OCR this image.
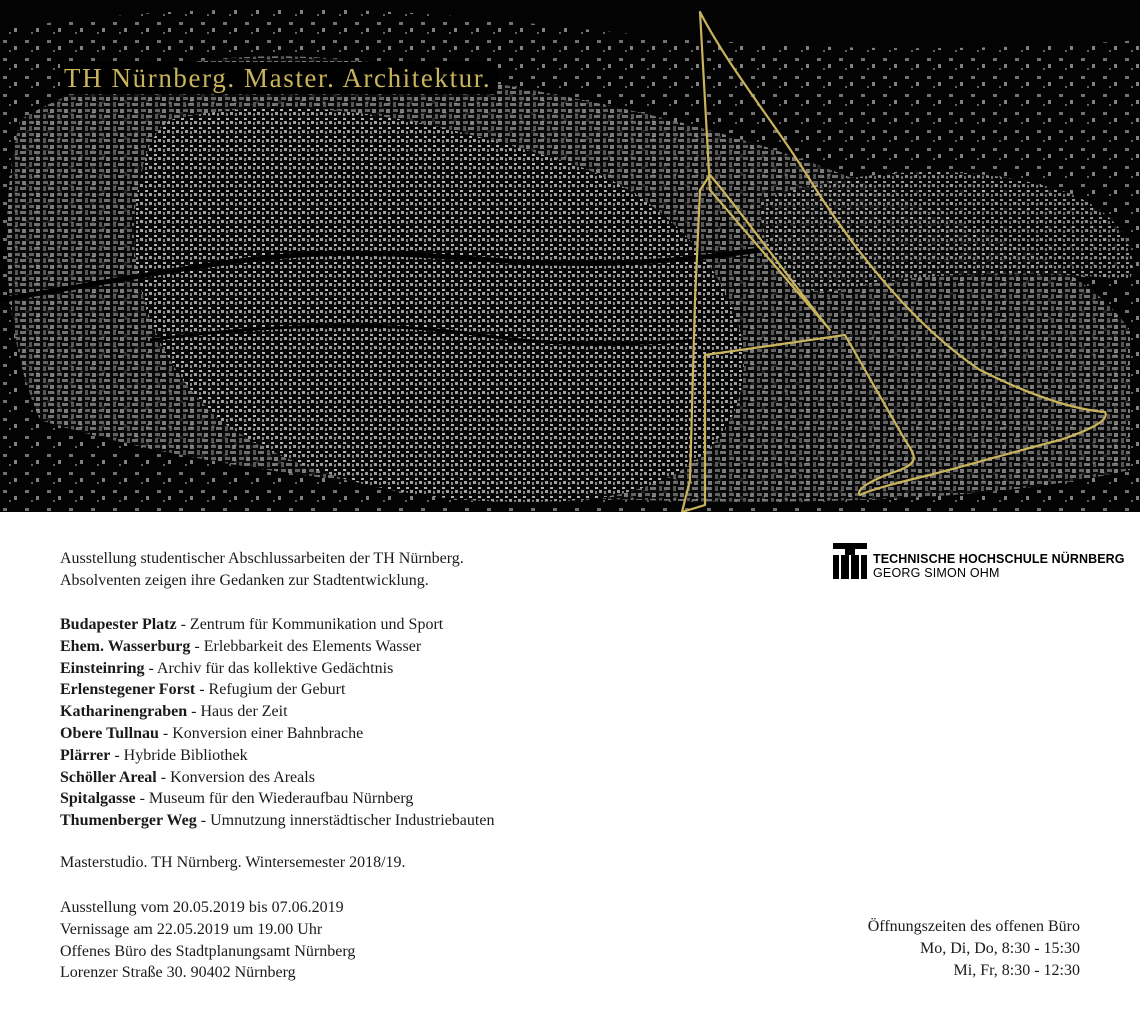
TH Nürnberg. Master. Architektur.
Ausstellung studentischer Abschlussarbeiten der TH Nürnberg.
Absolventen zeigen ihre Gedanken zur Stadtentwicklung.
Budapester Platz - Zentrum für Kommunikation und Sport
Ehem. Wasserburg - Erlebbarkeit des Elements Wasser
Einsteinring - Archiv für das kollektive Gedächtnis
Erlenstegener Forst - Refugium der Geburt
Katharinengraben - Haus der Zeit
Obere Tullnau - Konversion einer Bahnbrache
Plärrer - Hybride Bibliothek
Schöller Areal - Konversion des Areals
Spitalgasse - Museum für den Wiederaufbau Nürnberg
Thumenberger Weg - Umnutzung innerstädtischer Industriebauten
Masterstudio. TH Nürnberg. Wintersemester 2018/19.
Ausstellung vom 20.05.2019 bis 07.06.2019
Vernissage am 22.05.2019 um 19.00 Uhr
Offenes Büro des Stadtplanungsamt Nürnberg
Lorenzer Straße 30. 90402 Nürnberg
Öffnungszeiten des offenen Büro
Mo, Di, Do, 8:30 - 15:30
Mi, Fr, 8:30 - 12:30
TECHNISCHE HOCHSCHULE NÜRNBERG
GEORG SIMON OHM
